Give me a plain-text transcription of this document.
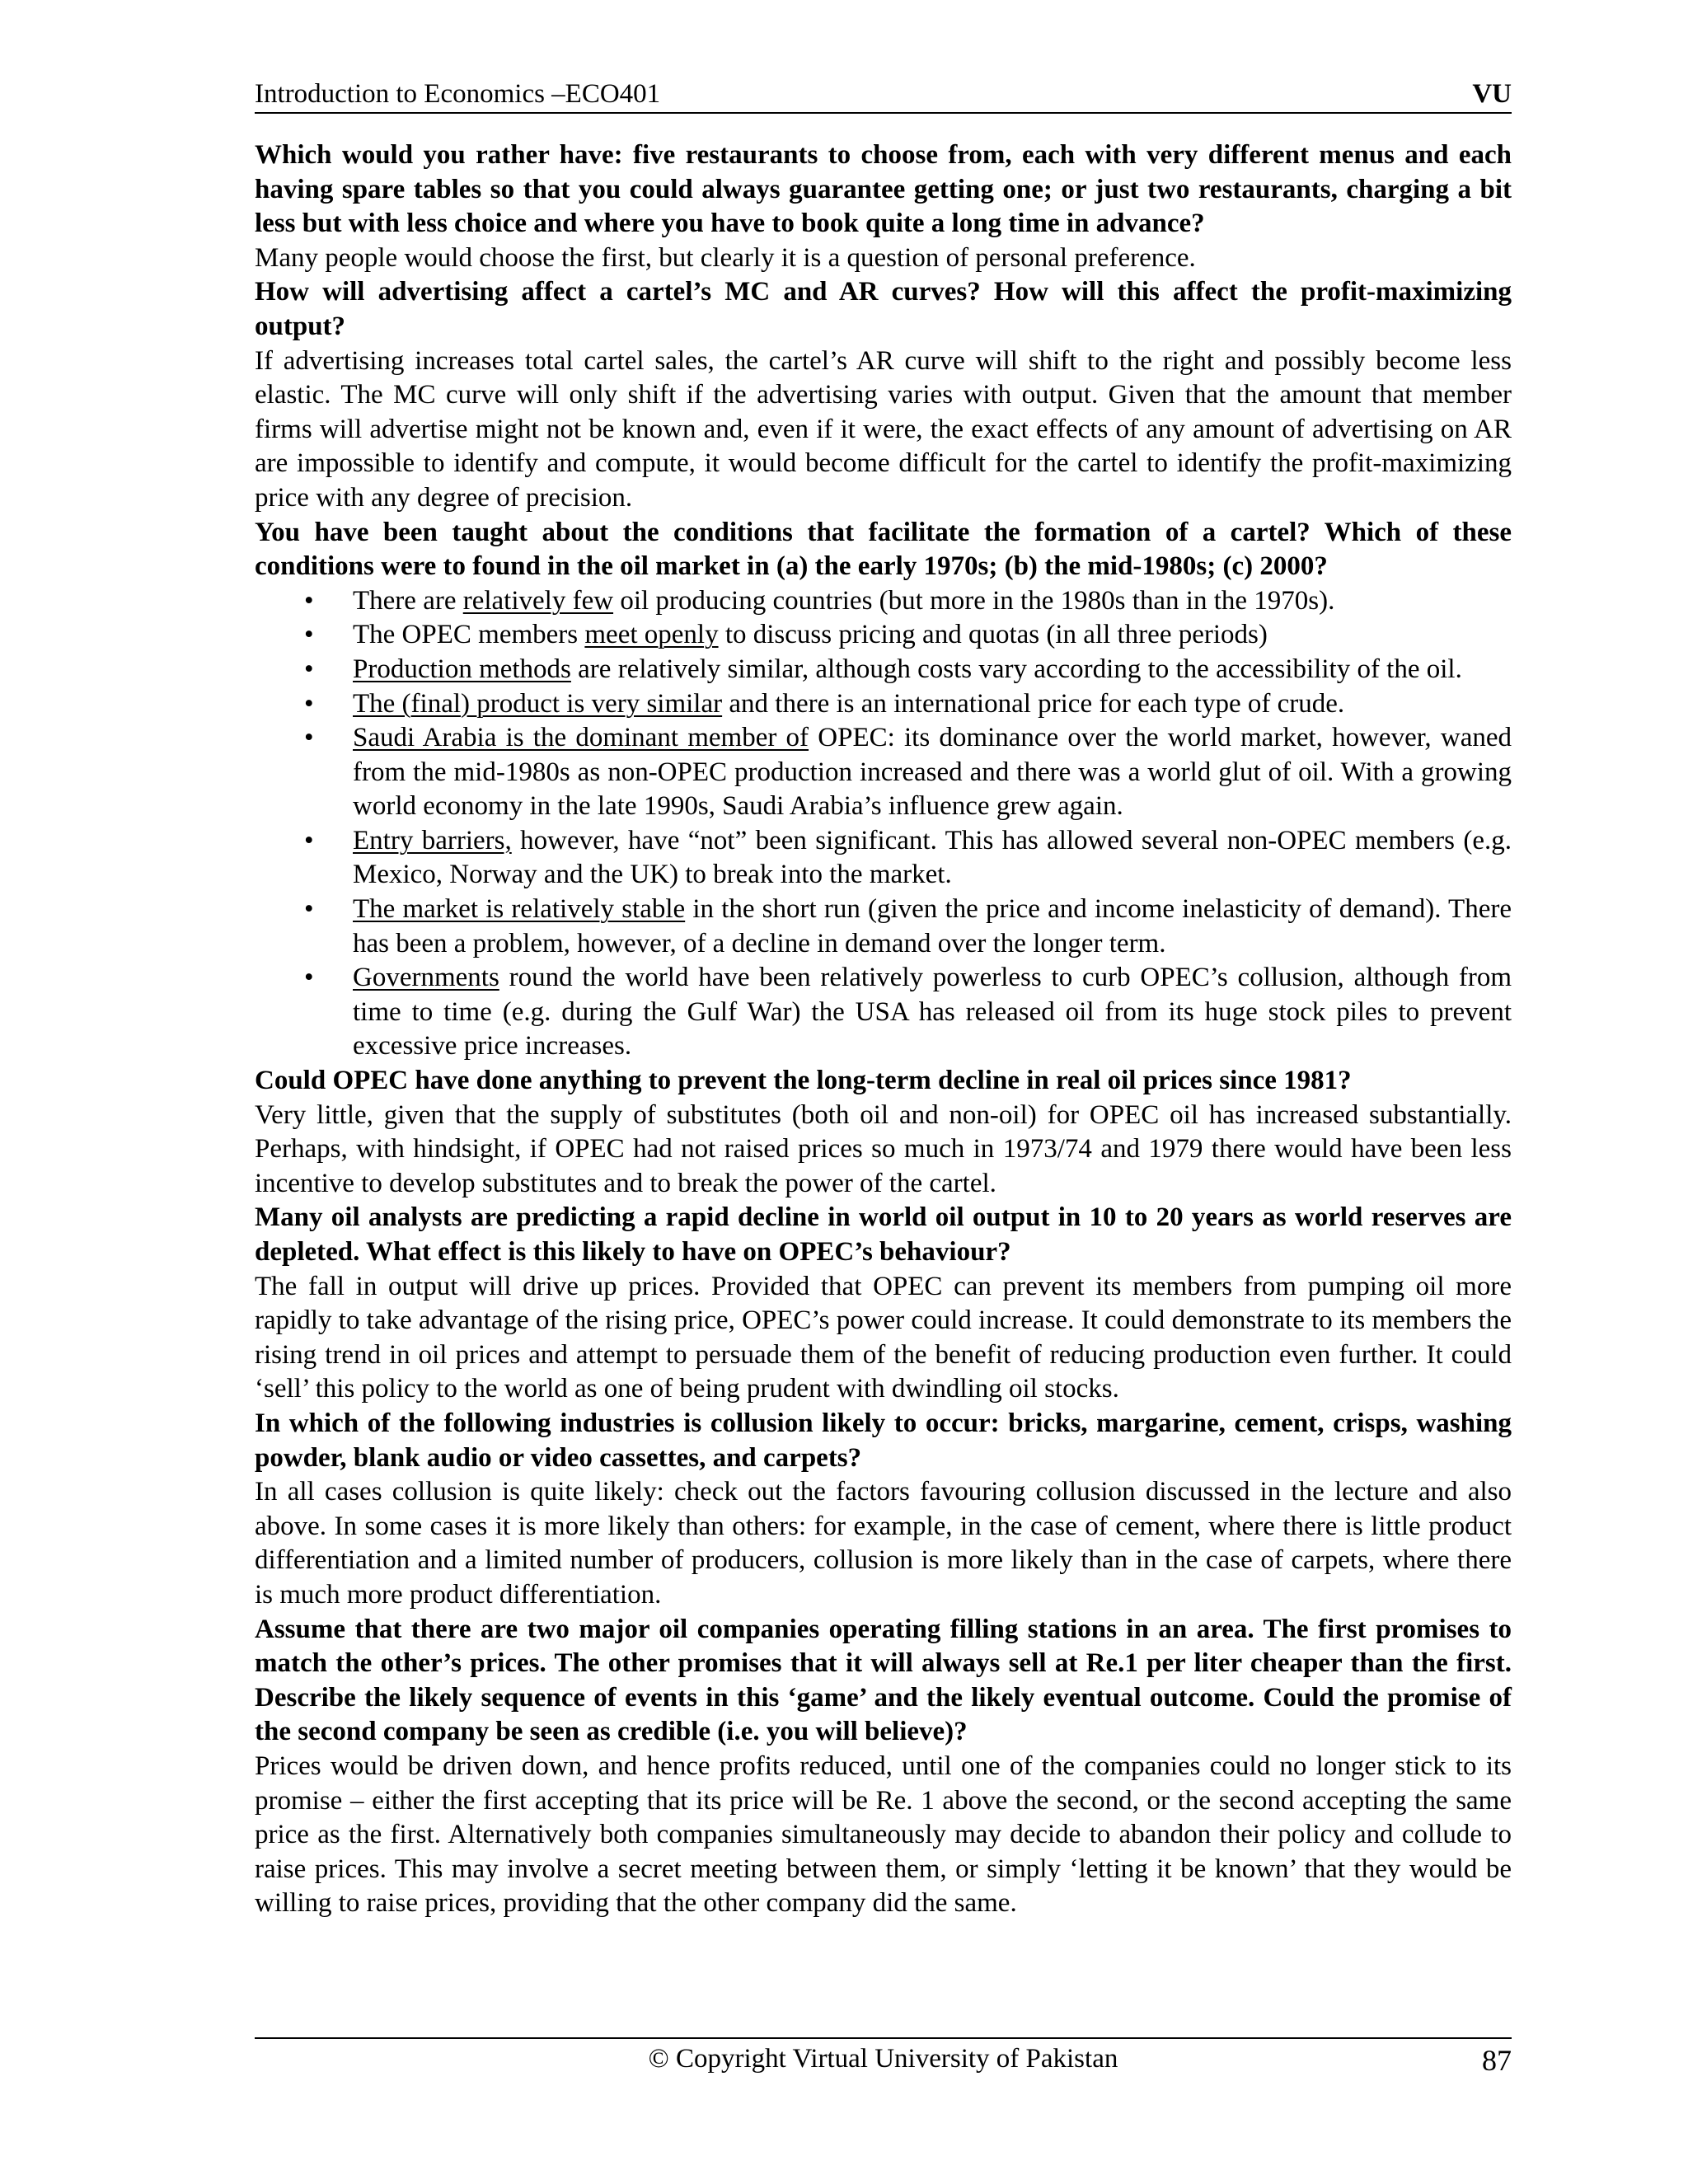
Introduction to Economics –ECO401	VU

Which would you rather have: five restaurants to choose from, each with very different menus and each having spare tables so that you could always guarantee getting one; or just two restaurants, charging a bit less but with less choice and where you have to book quite a long time in advance?

Many people would choose the first, but clearly it is a question of personal preference.

How will advertising affect a cartel’s MC and AR curves? How will this affect the profit-maximizing output?

If advertising increases total cartel sales, the cartel’s AR curve will shift to the right and possibly become less elastic. The MC curve will only shift if the advertising varies with output. Given that the amount that member firms will advertise might not be known and, even if it were, the exact effects of any amount of advertising on AR are impossible to identify and compute, it would become difficult for the cartel to identify the profit-maximizing price with any degree of precision.

You have been taught about the conditions that facilitate the formation of a cartel? Which of these conditions were to found in the oil market in (a) the early 1970s; (b) the mid-1980s; (c) 2000?

• There are relatively few oil producing countries (but more in the 1980s than in the 1970s).
• The OPEC members meet openly to discuss pricing and quotas (in all three periods)
• Production methods are relatively similar, although costs vary according to the accessibility of the oil.
• The (final) product is very similar and there is an international price for each type of crude.
• Saudi Arabia is the dominant member of OPEC: its dominance over the world market, however, waned from the mid-1980s as non-OPEC production increased and there was a world glut of oil. With a growing world economy in the late 1990s, Saudi Arabia’s influence grew again.
• Entry barriers, however, have “not” been significant. This has allowed several non-OPEC members (e.g. Mexico, Norway and the UK) to break into the market.
• The market is relatively stable in the short run (given the price and income inelasticity of demand). There has been a problem, however, of a decline in demand over the longer term.
• Governments round the world have been relatively powerless to curb OPEC’s collusion, although from time to time (e.g. during the Gulf War) the USA has released oil from its huge stock piles to prevent excessive price increases.

Could OPEC have done anything to prevent the long-term decline in real oil prices since 1981?

Very little, given that the supply of substitutes (both oil and non-oil) for OPEC oil has increased substantially. Perhaps, with hindsight, if OPEC had not raised prices so much in 1973/74 and 1979 there would have been less incentive to develop substitutes and to break the power of the cartel.

Many oil analysts are predicting a rapid decline in world oil output in 10 to 20 years as world reserves are depleted. What effect is this likely to have on OPEC’s behaviour?

The fall in output will drive up prices. Provided that OPEC can prevent its members from pumping oil more rapidly to take advantage of the rising price, OPEC’s power could increase. It could demonstrate to its members the rising trend in oil prices and attempt to persuade them of the benefit of reducing production even further. It could ‘sell’ this policy to the world as one of being prudent with dwindling oil stocks.

In which of the following industries is collusion likely to occur: bricks, margarine, cement, crisps, washing powder, blank audio or video cassettes, and carpets?

In all cases collusion is quite likely: check out the factors favouring collusion discussed in the lecture and also above. In some cases it is more likely than others: for example, in the case of cement, where there is little product differentiation and a limited number of producers, collusion is more likely than in the case of carpets, where there is much more product differentiation.

Assume that there are two major oil companies operating filling stations in an area. The first promises to match the other’s prices. The other promises that it will always sell at Re.1 per liter cheaper than the first. Describe the likely sequence of events in this ‘game’ and the likely eventual outcome. Could the promise of the second company be seen as credible (i.e. you will believe)?

Prices would be driven down, and hence profits reduced, until one of the companies could no longer stick to its promise – either the first accepting that its price will be Re. 1 above the second, or the second accepting the same price as the first. Alternatively both companies simultaneously may decide to abandon their policy and collude to raise prices. This may involve a secret meeting between them, or simply ‘letting it be known’ that they would be willing to raise prices, providing that the other company did the same.

© Copyright Virtual University of Pakistan	87
